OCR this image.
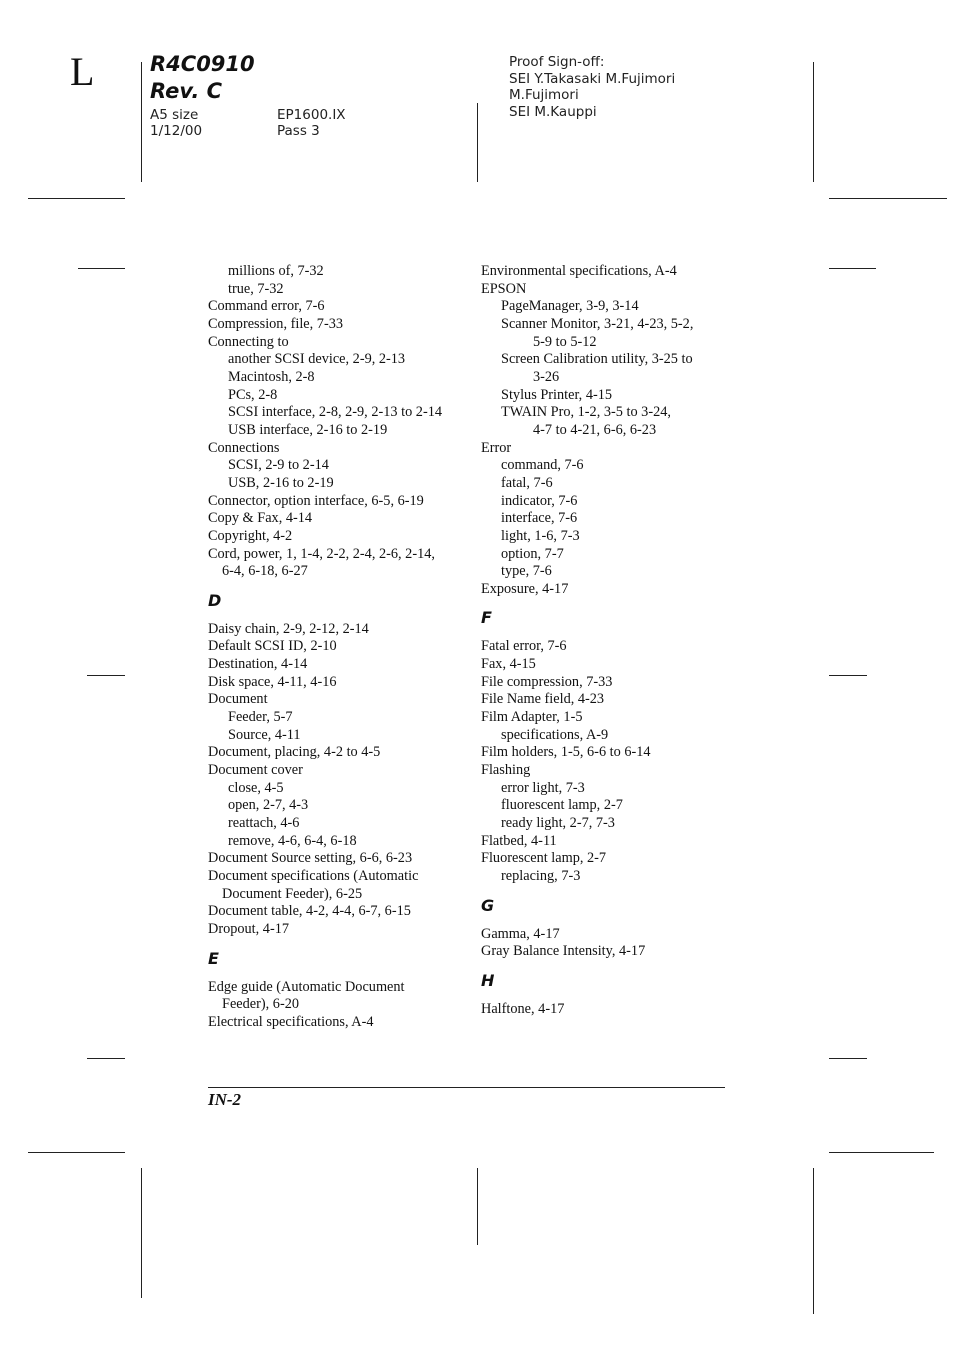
L	R4C0910
Rev. C
A5 size
1/12/00
EP1600.IX
Pass 3
Proof Sign-off:
SEI Y.Takasaki M.Fujimori
M.Fujimori
SEI M.Kauppi
millions of, 7-32
true, 7-32
Command error, 7-6
Compression, file, 7-33
Connecting to
another SCSI device, 2-9, 2-13
Macintosh, 2-8
PCs, 2-8
SCSI interface, 2-8, 2-9, 2-13 to 2-14
USB interface, 2-16 to 2-19
Connections
SCSI, 2-9 to 2-14
USB, 2-16 to 2-19
Connector, option interface, 6-5, 6-19
Copy & Fax, 4-14
Copyright, 4-2
Cord, power, 1, 1-4, 2-2, 2-4, 2-6, 2-14,
6-4, 6-18, 6-27
D
Daisy chain, 2-9, 2-12, 2-14
Default SCSI ID, 2-10
Destination, 4-14
Disk space, 4-11, 4-16
Document
Feeder, 5-7
Source, 4-11
Document, placing, 4-2 to 4-5
Document cover
close, 4-5
open, 2-7, 4-3
reattach, 4-6
remove, 4-6, 6-4, 6-18
Document Source setting, 6-6, 6-23
Document specifications (Automatic
Document Feeder), 6-25
Document table, 4-2, 4-4, 6-7, 6-15
Dropout, 4-17
E
Edge guide (Automatic Document
Feeder), 6-20
Electrical specifications, A-4
Environmental specifications, A-4
EPSON
PageManager, 3-9, 3-14
Scanner Monitor, 3-21, 4-23, 5-2,
5-9 to 5-12
Screen Calibration utility, 3-25 to
3-26
Stylus Printer, 4-15
TWAIN Pro, 1-2, 3-5 to 3-24,
4-7 to 4-21, 6-6, 6-23
Error
command, 7-6
fatal, 7-6
indicator, 7-6
interface, 7-6
light, 1-6, 7-3
option, 7-7
type, 7-6
Exposure, 4-17
F
Fatal error, 7-6
Fax, 4-15
File compression, 7-33
File Name field, 4-23
Film Adapter, 1-5
specifications, A-9
Film holders, 1-5, 6-6 to 6-14
Flashing
error light, 7-3
fluorescent lamp, 2-7
ready light, 2-7, 7-3
Flatbed, 4-11
Fluorescent lamp, 2-7
replacing, 7-3
G
Gamma, 4-17
Gray Balance Intensity, 4-17
H
Halftone, 4-17
IN-2
